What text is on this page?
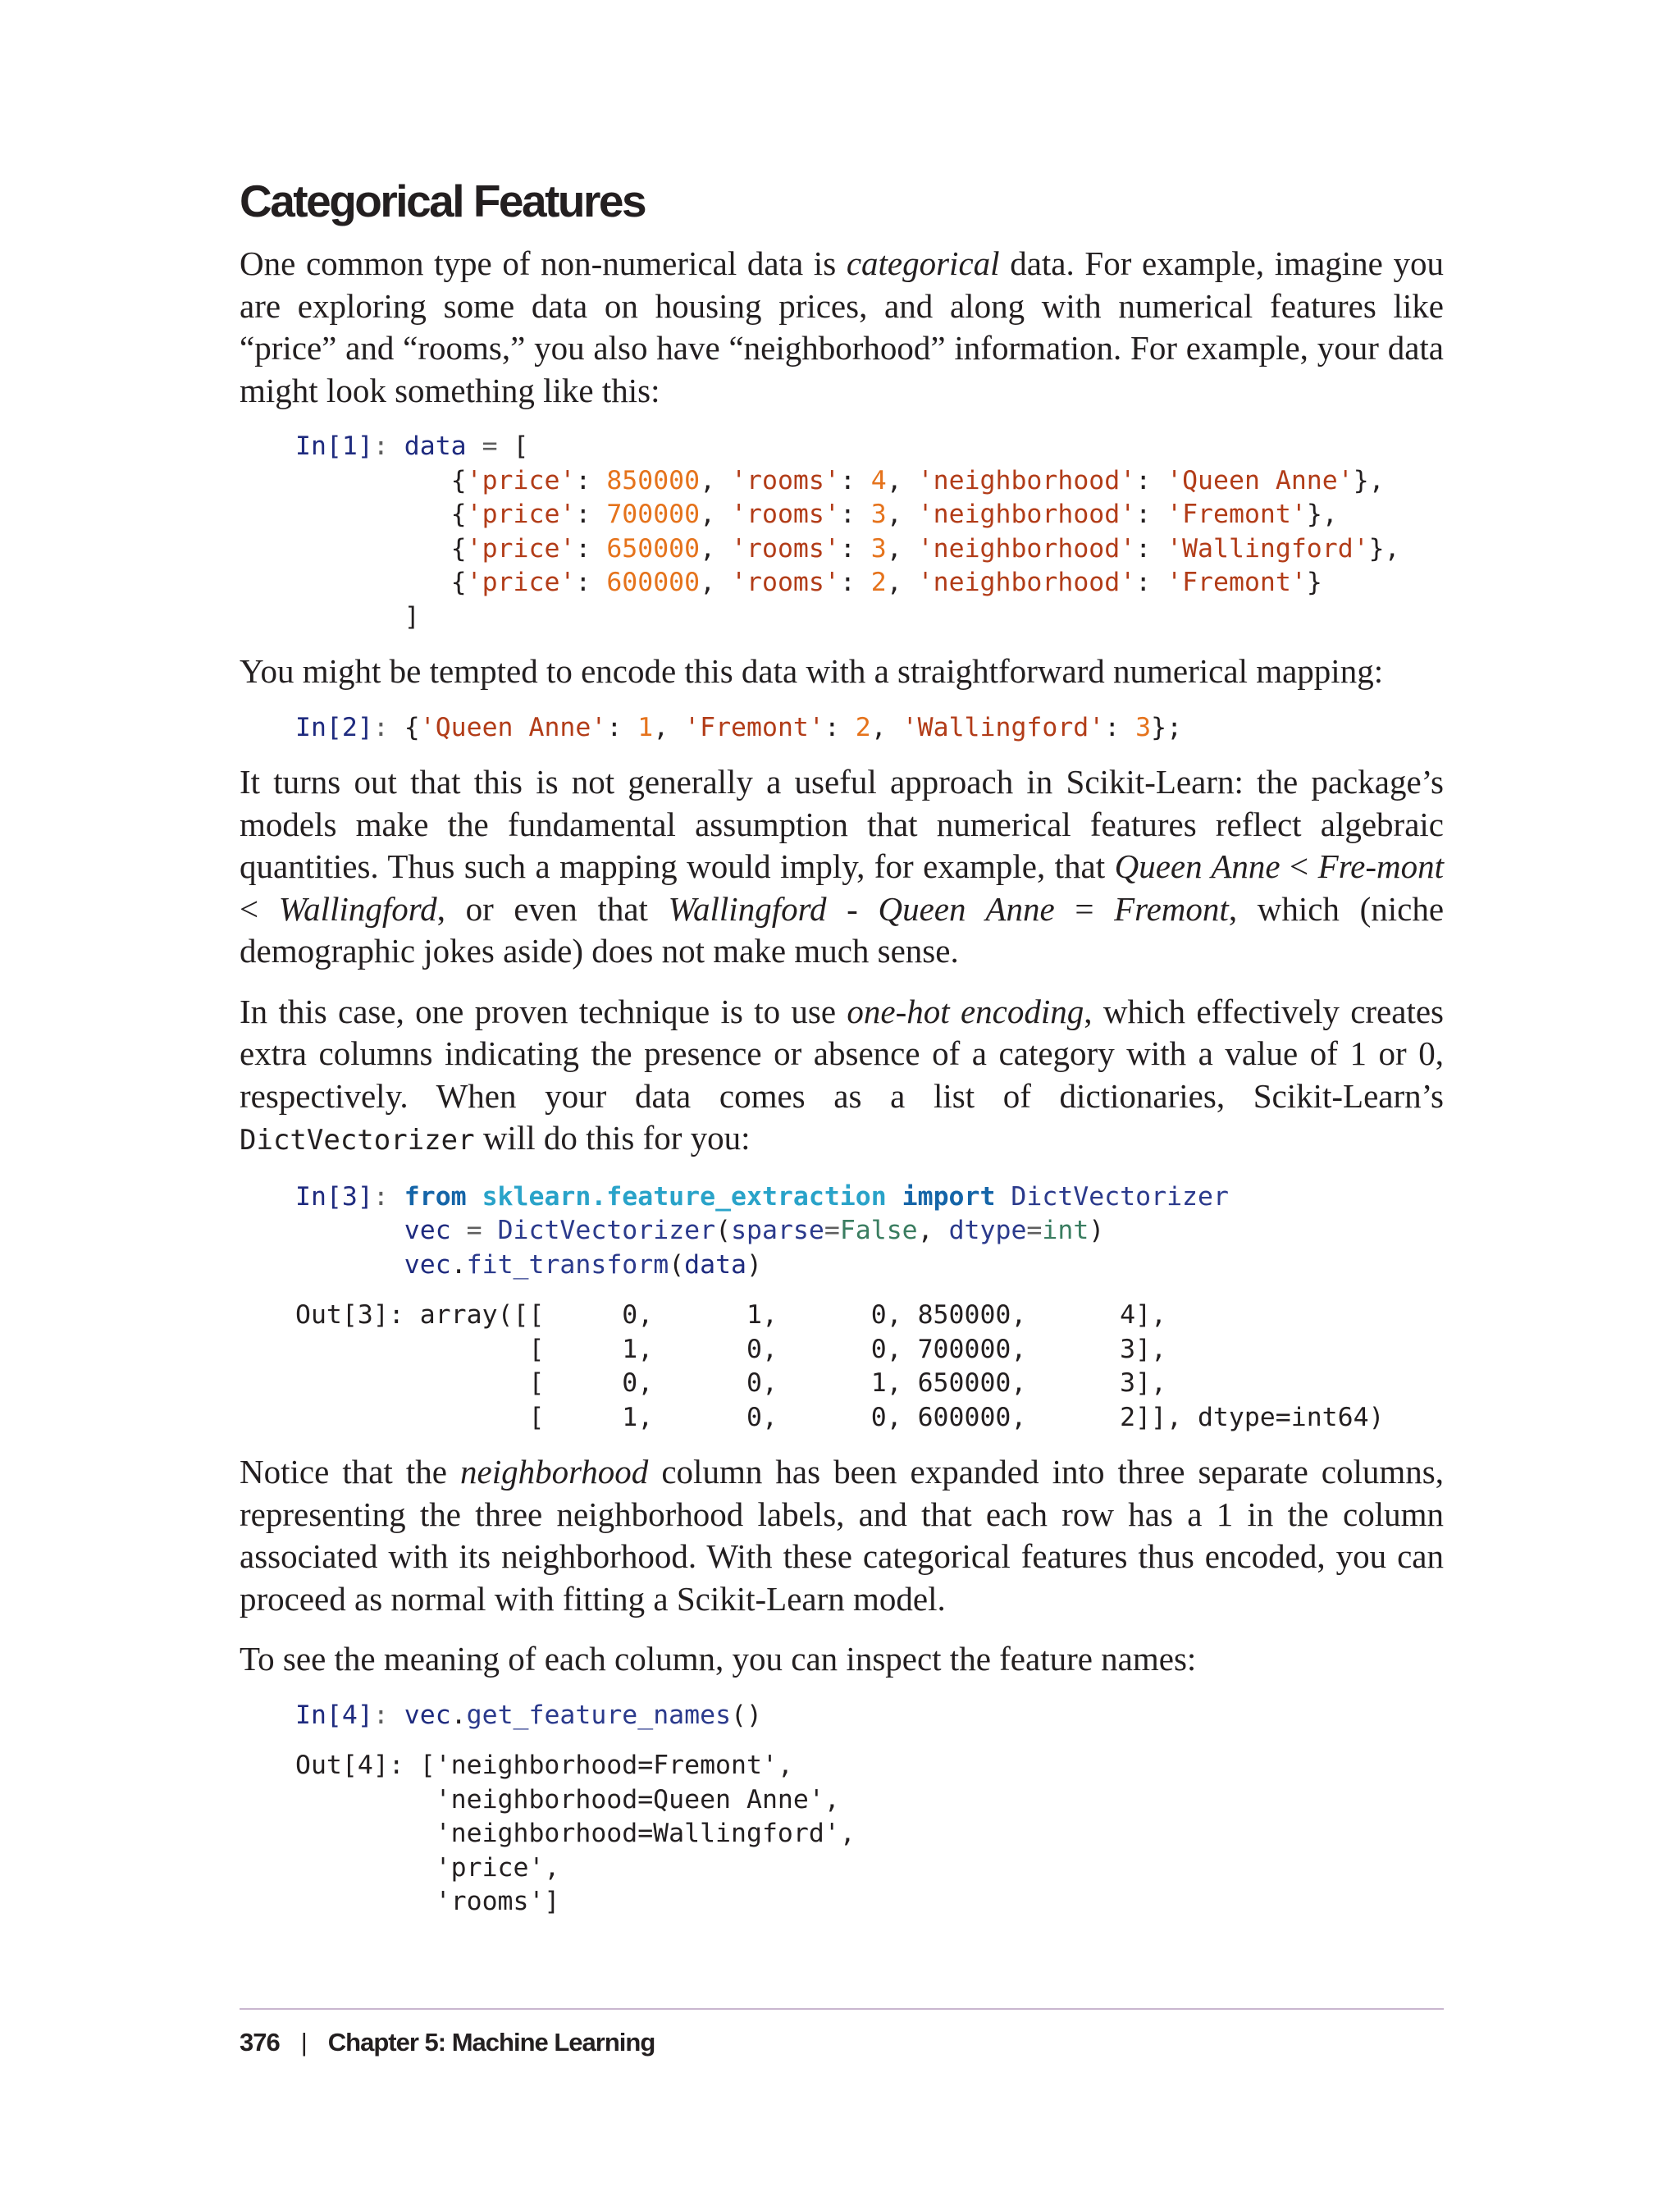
Categorical Features

One common type of non-numerical data is categorical data. For example, imagine you are exploring some data on housing prices, and along with numerical features like “price” and “rooms,” you also have “neighborhood” information. For example, your data might look something like this:

In[1]: data = [
{'price': 850000, 'rooms': 4, 'neighborhood': 'Queen Anne'},
{'price': 700000, 'rooms': 3, 'neighborhood': 'Fremont'},
{'price': 650000, 'rooms': 3, 'neighborhood': 'Wallingford'},
{'price': 600000, 'rooms': 2, 'neighborhood': 'Fremont'}
]

You might be tempted to encode this data with a straightforward numerical mapping:

In[2]: {'Queen Anne': 1, 'Fremont': 2, 'Wallingford': 3};

It turns out that this is not generally a useful approach in Scikit-Learn: the package’s models make the fundamental assumption that numerical features reflect algebraic quantities. Thus such a mapping would imply, for example, that Queen Anne < Fre-mont < Wallingford, or even that Wallingford - Queen Anne = Fremont, which (niche demographic jokes aside) does not make much sense.

In this case, one proven technique is to use one-hot encoding, which effectively creates extra columns indicating the presence or absence of a category with a value of 1 or 0, respectively. When your data comes as a list of dictionaries, Scikit-Learn’s DictVectorizer will do this for you:

In[3]: from sklearn.feature_extraction import DictVectorizer
vec = DictVectorizer(sparse=False, dtype=int)
vec.fit_transform(data)
Out[3]: array([[     0,      1,      0, 850000,      4],
[     1,      0,      0, 700000,      3],
[     0,      0,      1, 650000,      3],
[     1,      0,      0, 600000,      2]], dtype=int64)

Notice that the neighborhood column has been expanded into three separate columns, representing the three neighborhood labels, and that each row has a 1 in the column associated with its neighborhood. With these categorical features thus encoded, you can proceed as normal with fitting a Scikit-Learn model.

To see the meaning of each column, you can inspect the feature names:

In[4]: vec.get_feature_names()
Out[4]: ['neighborhood=Fremont',
'neighborhood=Queen Anne',
'neighborhood=Wallingford',
'price',
'rooms']
376 | Chapter 5: Machine Learning
